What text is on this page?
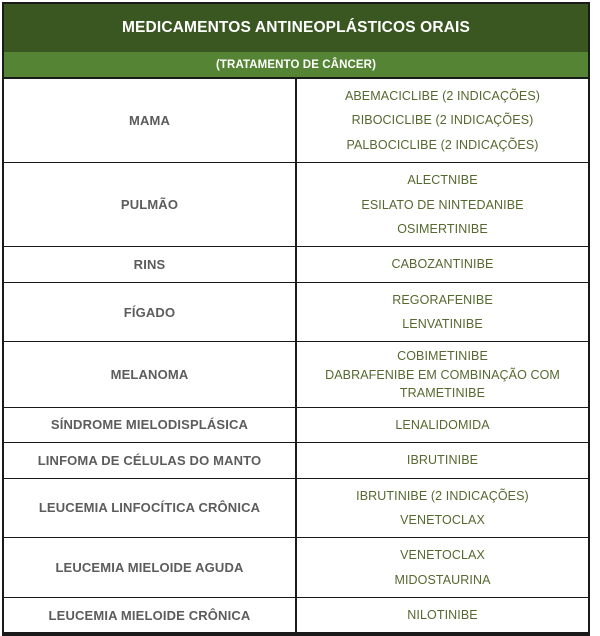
MEDICAMENTOS ANTINEOPLÁSTICOS ORAIS	
(TRATAMENTO DE CÂNCER)	
MAMA	ABEMACICLIBE (2 INDICAÇÕES)
RIBOCICLIBE (2 INDICAÇÕES)
PALBOCICLIBE (2 INDICAÇÕES)

PULMÃO	ALECTNIBE
ESILATO DE NINTEDANIBE
OSIMERTINIBE

RINS	CABOZANTINIBE

FÍGADO	REGORAFENIBE
LENVATINIBE

MELANOMA	COBIMETINIBE
DABRAFENIBE EM COMBINAÇÃO COM
TRAMETINIBE

SÍNDROME MIELODISPLÁSICA	LENALIDOMIDA

LINFOMA DE CÉLULAS DO MANTO	IBRUTINIBE

LEUCEMIA LINFOCÍTICA CRÔNICA	IBRUTINIBE (2 INDICAÇÕES)
VENETOCLAX

LEUCEMIA MIELOIDE AGUDA	VENETOCLAX
MIDOSTAURINA

LEUCEMIA MIELOIDE CRÔNICA	NILOTINIBE
